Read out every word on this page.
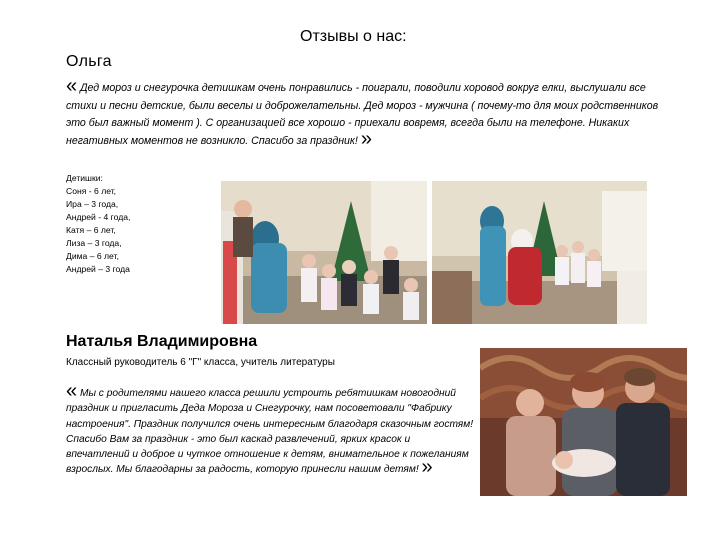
Отзывы о нас:
Ольга
« Дед мороз и снегурочка детишкам очень понравились - поиграли, поводили хоровод вокруг елки, выслушали все стихи и песни детские, были веселы и доброжелательны. Дед мороз - мужчина ( почему-то для моих родственников это был важный момент ). С организацией все хорошо - приехали вовремя, всегда были на телефоне. Никаких негативных моментов не возникло. Спасибо за праздник! »
Детишки:
Соня - 6 лет,
Ира – 3 года,
Андрей - 4 года,
Катя – 6 лет,
Лиза – 3 года,
Дима – 6 лет,
Андрей – 3 года
Наталья Владимировна
Классный руководитель 6 "Г" класса, учитель литературы

« Мы с родителями нашего класса решили устроить ребятишкам новогодний праздник и пригласить Деда Мороза и Снегурочку, нам посоветовали "Фабрику настроения". Праздник получился очень интересным благодаря сказочным гостям!

Спасибо Вам за праздник - это был каскад развлечений, ярких красок и впечатлений и доброе и чуткое отношение к детям, внимательное к пожеланиям взрослых. Мы благодарны за радость, которую принесли нашим детям! »
